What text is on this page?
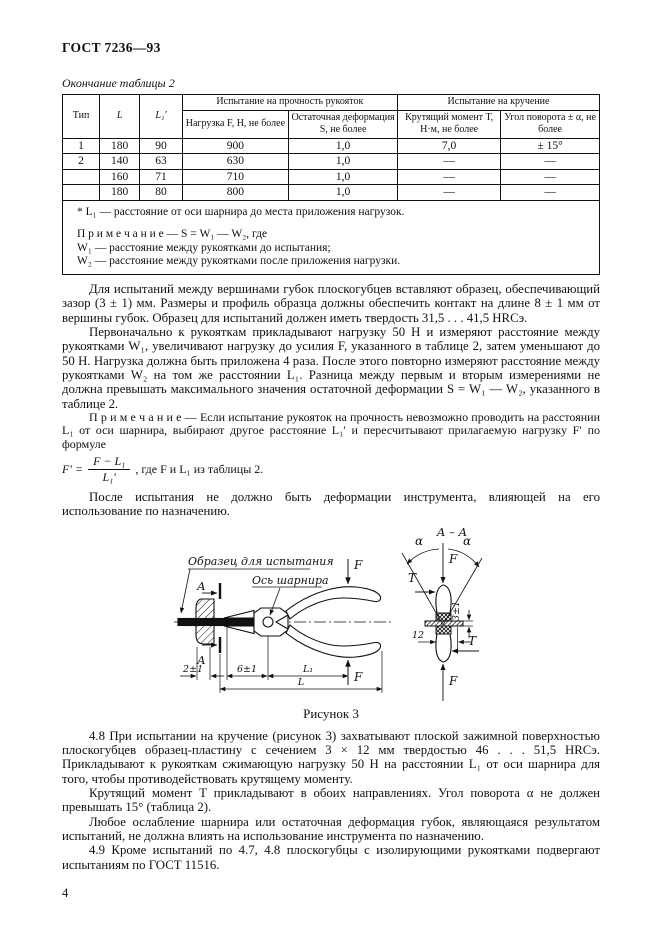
ГОСТ 7236—93
Окончание таблицы 2
Тип	L	L₁′	Испытание на прочность рукояток		Испытание на кручение	
			Нагрузка F, Н, не более	Остаточная деформация S, не более	Крутящий момент Т, Н·м, не более	Угол поворота ± α, не более
1	180	90	900	1,0	7,0	± 15°
2	140	63	630	1,0	—	—
	160	71	710	1,0	—	—
	180	80	800	1,0	—	—

* L₁ — расстояние от оси шарнира до места приложения нагрузок.
П р и м е ч а н и е — S = W₁ — W₂, где
W₁ — расстояние между рукоятками до испытания;
W₂ — расстояние между рукоятками после приложения нагрузки.						

Для испытаний между вершинами губок плоскогубцев вставляют образец, обеспечивающий зазор (3 ± 1) мм. Размеры и профиль образца должны обеспечить контакт на длине 8 ± 1 мм от вершины губок. Образец для испытаний должен иметь твердость 31,5 . . . 41,5 HRCэ.

Первоначально к рукояткам прикладывают нагрузку 50 Н и измеряют расстояние между рукоятками W₁, увеличивают нагрузку до усилия F, указанного в таблице 2, затем уменьшают до 50 Н. Нагрузка должна быть приложена 4 раза. После этого повторно измеряют расстояние между рукоятками W₂ на том же расстоянии L₁. Разница между первым и вторым измерениями не должна превышать максимального значения остаточной деформации S = W₁ — W₂, указанного в таблице 2.

П р и м е ч а н и е — Если испытание рукояток на прочность невозможно проводить на расстоянии L₁ от оси шарнира, выбирают другое расстояние L₁′ и пересчитывают прилагаемую нагрузку F′ по формуле

$F' = \frac{\text{F − L₁}}{\text{L₁′}}$ , где F и L₁ из таблицы 2.

После испытания не должно быть деформации инструмента, влияющей на его использование по назначению.

Образец для испытания
Ось шарнира
А
А
F
F
2±1	6±1	L₁
L
А – А
α	α
F
F
T
T
3±1
12
Рисунок 3

4.8 При испытании на кручение (рисунок 3) захватывают плоской зажимной поверхностью плоскогубцев образец-пластину с сечением 3 × 12 мм твердостью 46 . . . 51,5 HRCэ. Прикладывают к рукояткам сжимающую нагрузку 50 Н на расстоянии L₁ от оси шарнира для того, чтобы противодействовать крутящему моменту.

Крутящий момент Т прикладывают в обоих направлениях. Угол поворота α не должен превышать 15° (таблица 2).

Любое ослабление шарнира или остаточная деформация губок, являющаяся результатом испытаний, не должна влиять на использование инструмента по назначению.

4.9 Кроме испытаний по 4.7, 4.8 плоскогубцы с изолирующими рукоятками подвергают испытаниям по ГОСТ 11516.

4
